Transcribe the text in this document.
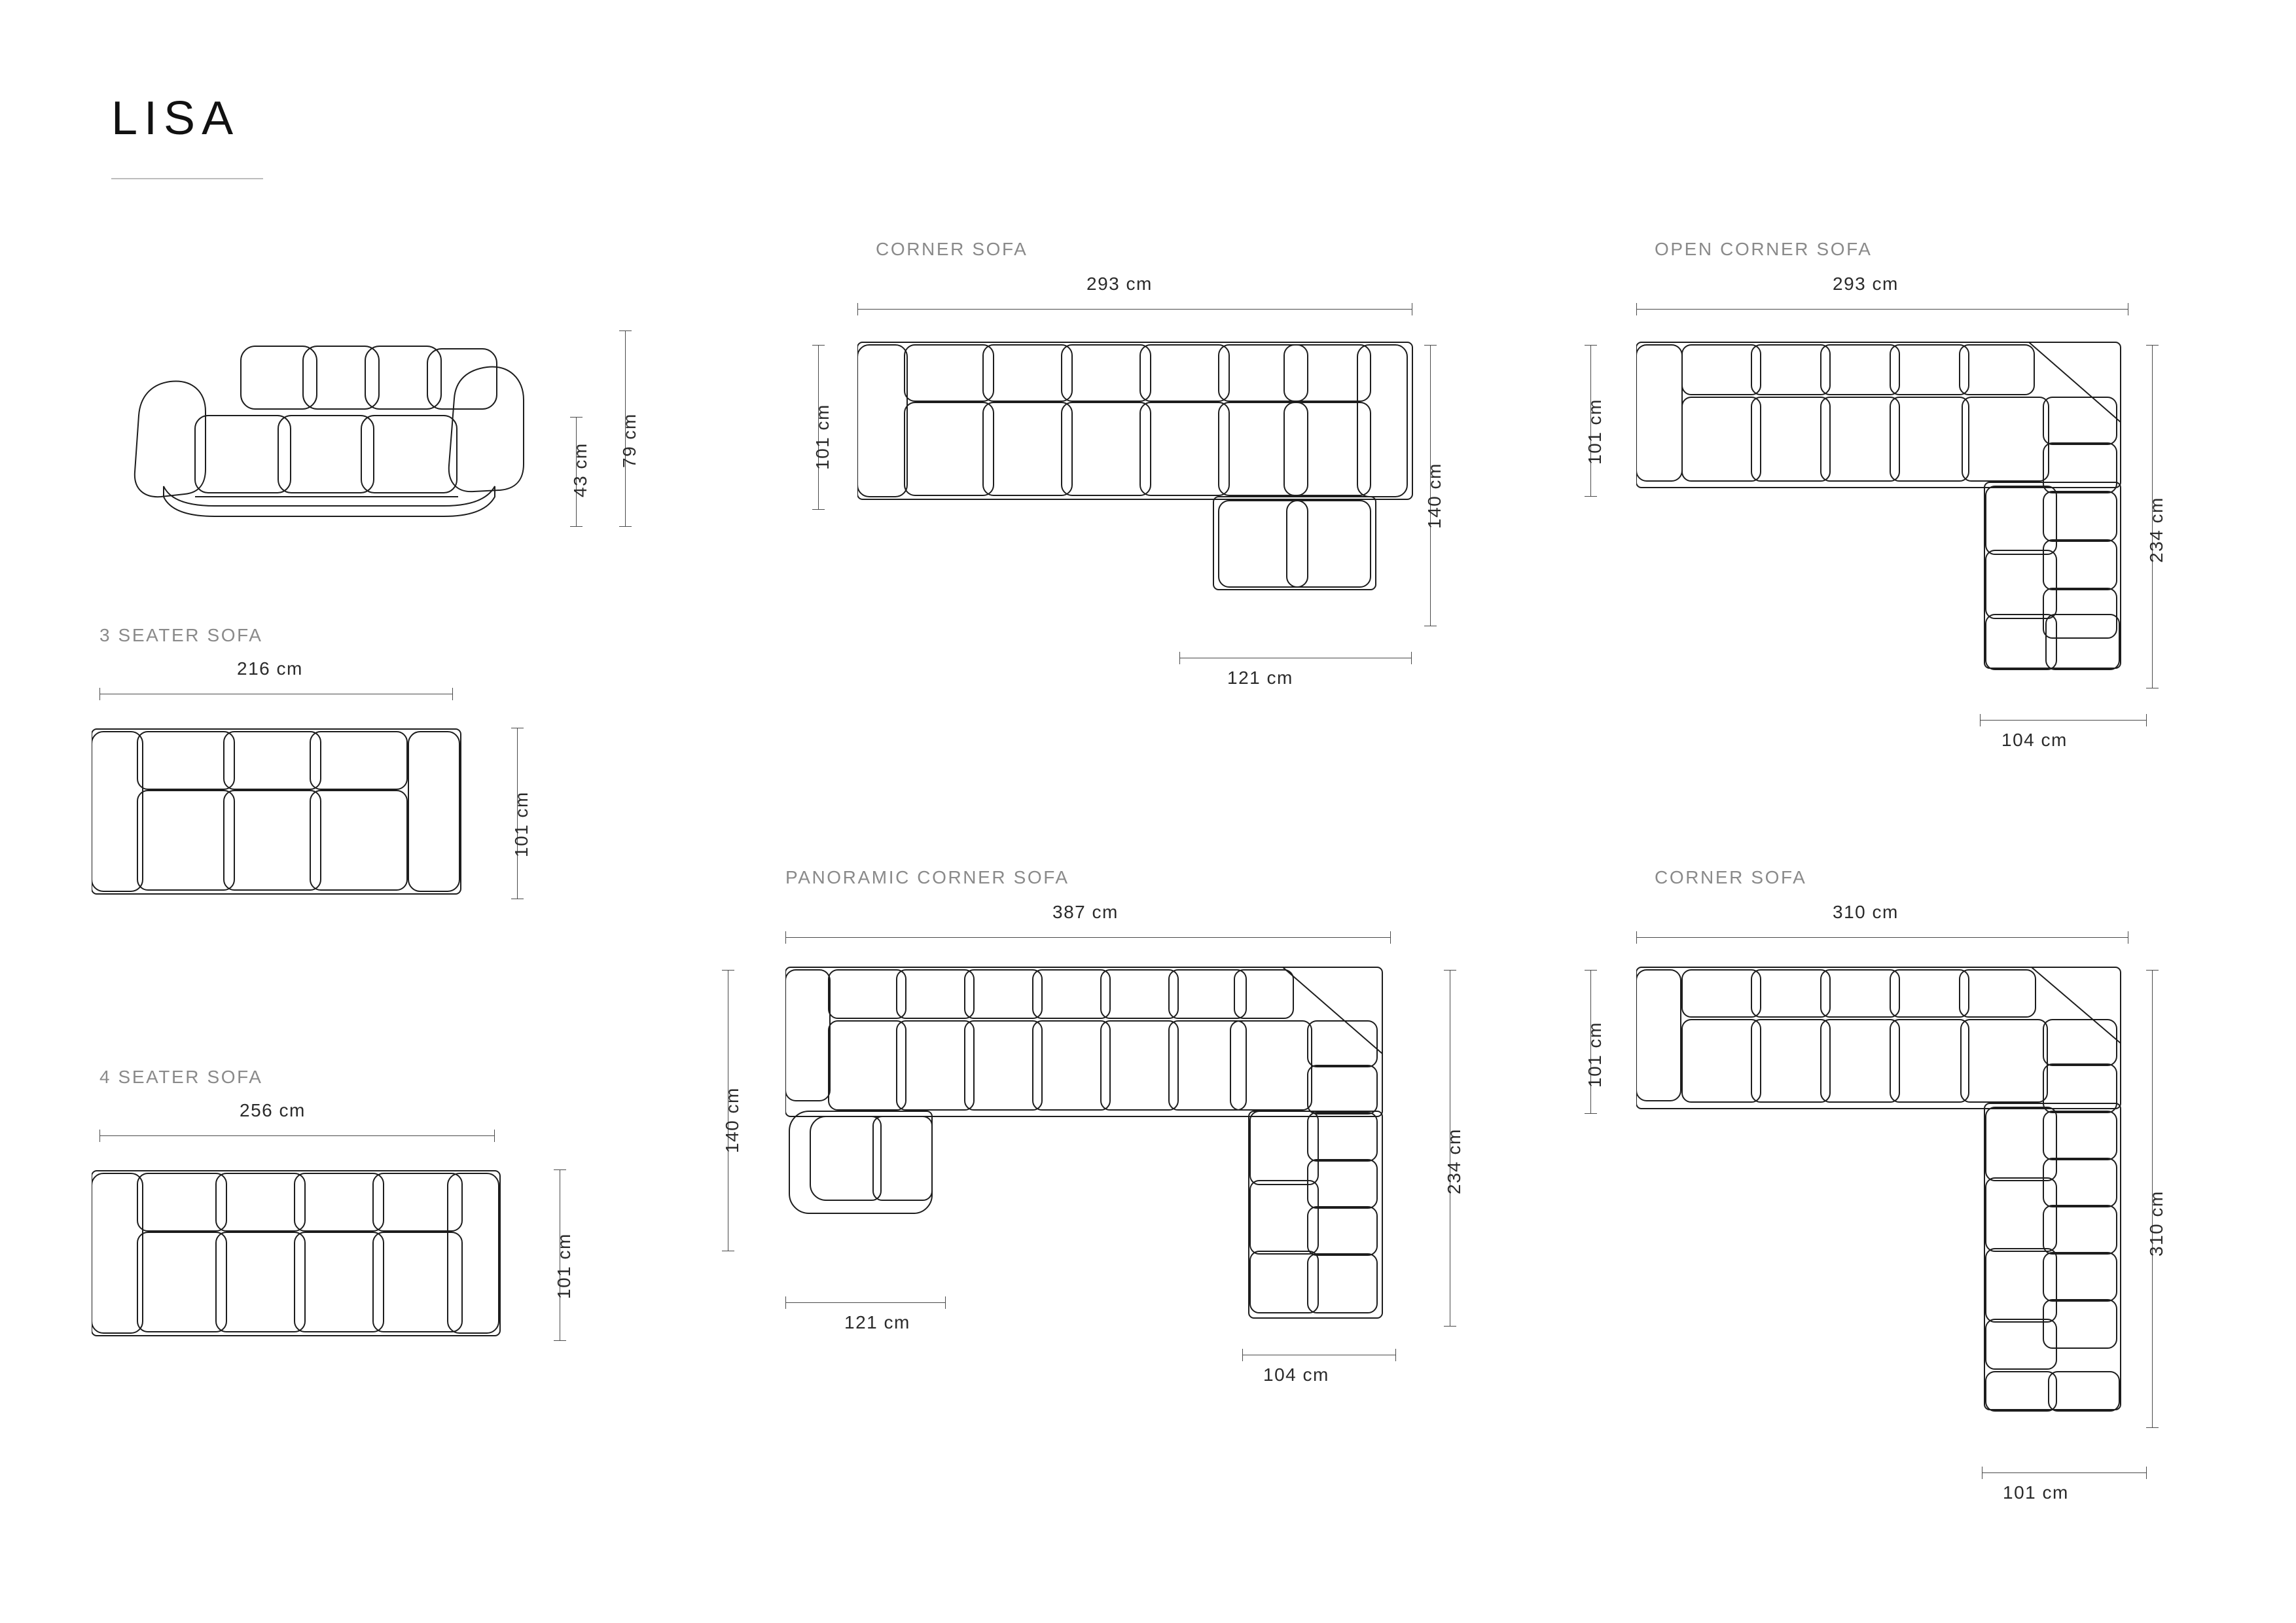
LISA
79 cm
43 cm
3 SEATER SOFA
216 cm
101 cm
4 SEATER SOFA
256 cm
101 cm
CORNER SOFA
293 cm
101 cm
140 cm
121 cm
OPEN CORNER SOFA
293 cm
101 cm
234 cm
104 cm
PANORAMIC CORNER SOFA
387 cm
140 cm
234 cm
121 cm
104 cm
CORNER SOFA
310 cm
101 cm
310 cm
101 cm
